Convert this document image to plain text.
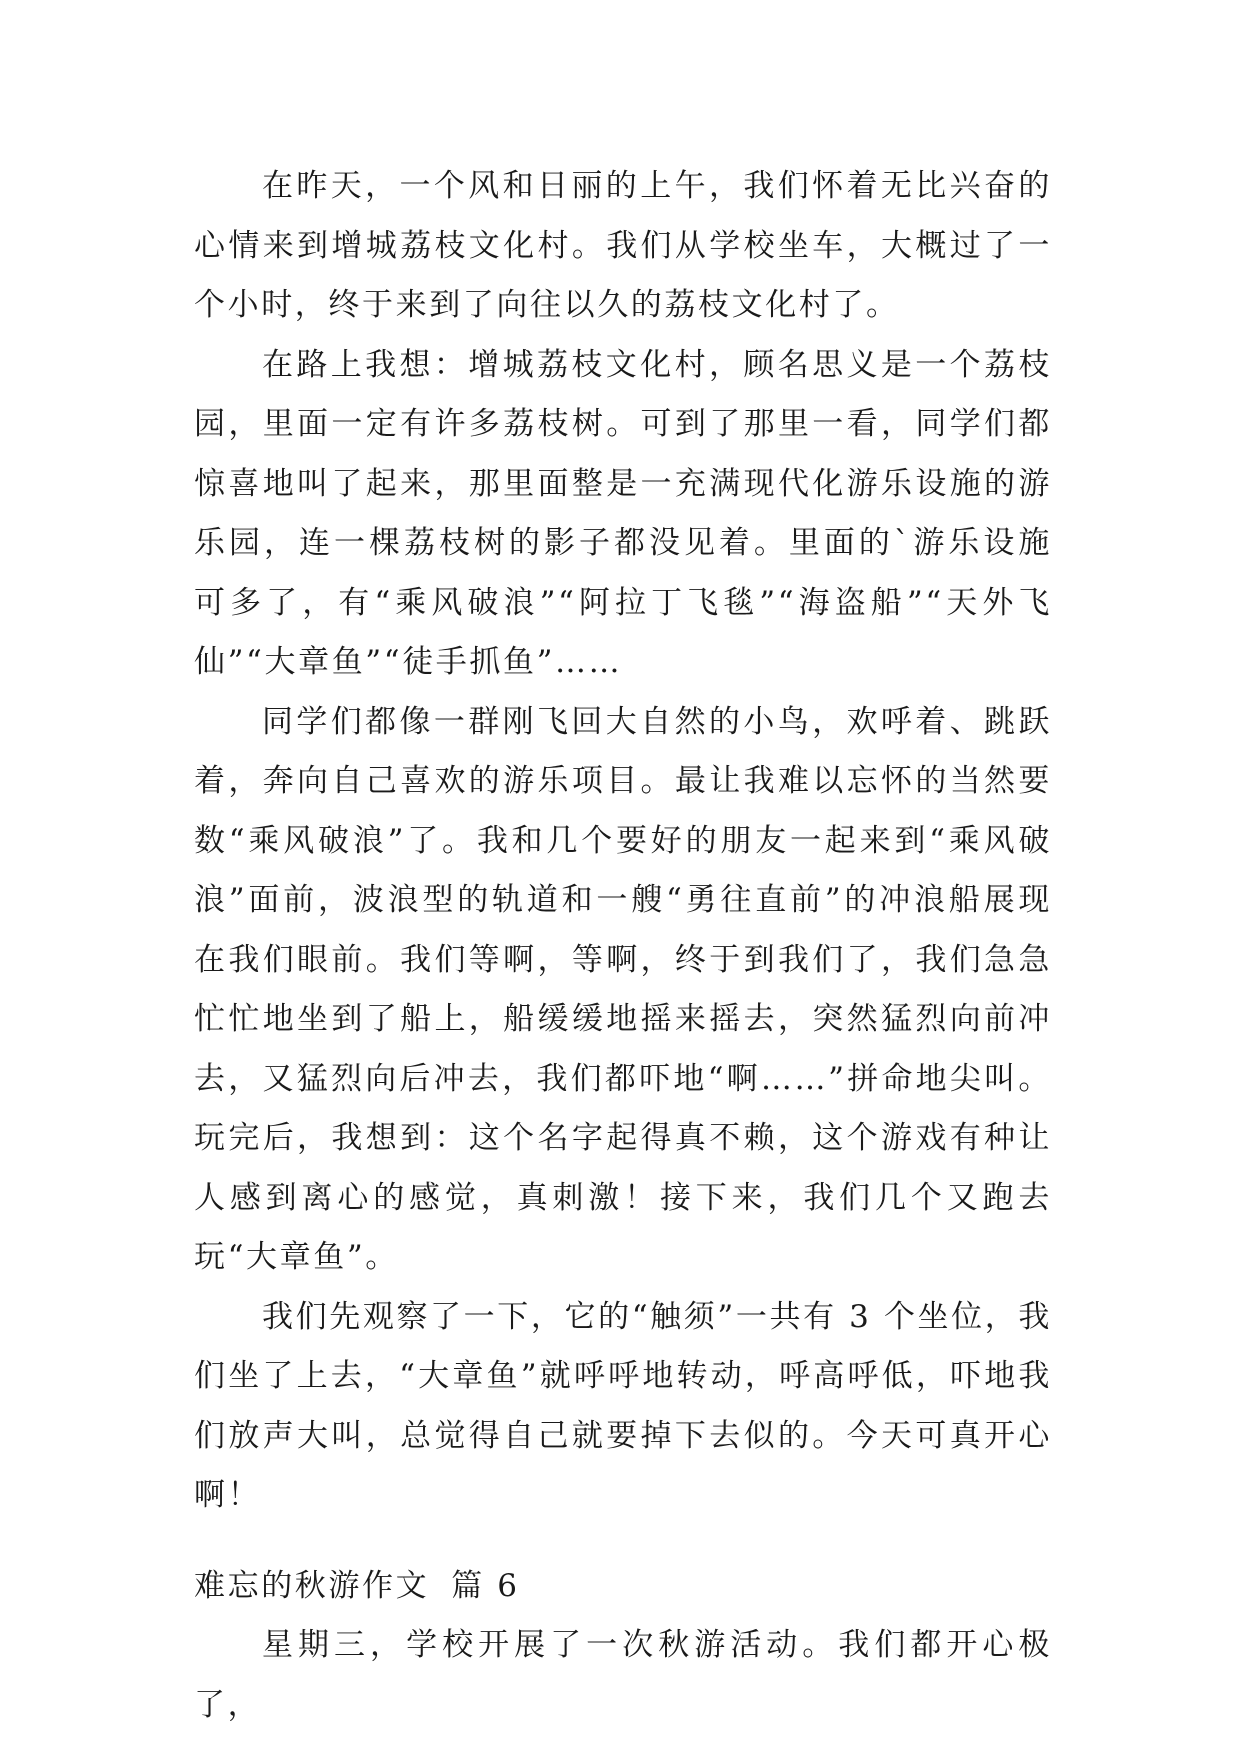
在昨天，一个风和日丽的上午，我们怀着无比兴奋的心情来到增城荔枝文化村。我们从学校坐车，大概过了一个小时，终于来到了向往以久的荔枝文化村了。

在路上我想：增城荔枝文化村，顾名思义是一个荔枝园，里面一定有许多荔枝树。可到了那里一看，同学们都惊喜地叫了起来，那里面整是一充满现代化游乐设施的游乐园，连一棵荔枝树的影子都没见着。里面的`游乐设施可多了，有“乘风破浪”“阿拉丁飞毯”“海盗船”“天外飞仙”“大章鱼”“徒手抓鱼”……

同学们都像一群刚飞回大自然的小鸟，欢呼着、跳跃着，奔向自己喜欢的游乐项目。最让我难以忘怀的当然要数“乘风破浪”了。我和几个要好的朋友一起来到“乘风破浪”面前，波浪型的轨道和一艘“勇往直前”的冲浪船展现在我们眼前。我们等啊，等啊，终于到我们了，我们急急忙忙地坐到了船上，船缓缓地摇来摇去，突然猛烈向前冲去，又猛烈向后冲去，我们都吓地“啊……”拼命地尖叫。玩完后，我想到：这个名字起得真不赖，这个游戏有种让人感到离心的感觉，真刺激！接下来，我们几个又跑去玩“大章鱼”。

我们先观察了一下，它的“触须”一共有 3 个坐位，我们坐了上去，“大章鱼”就呼呼地转动，呼高呼低，吓地我们放声大叫，总觉得自己就要掉下去似的。今天可真开心啊！

难忘的秋游作文 篇 6

星期三，学校开展了一次秋游活动。我们都开心极了，
